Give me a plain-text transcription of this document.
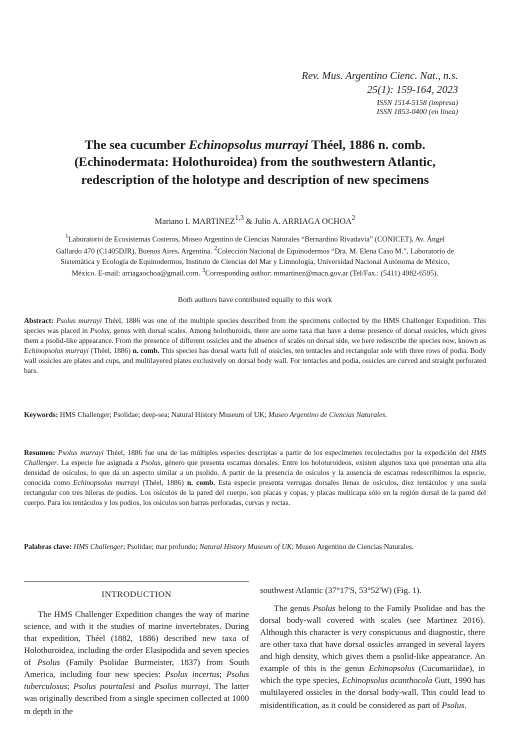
Rev. Mus. Argentino Cienc. Nat., n.s.
25(1): 159-164, 2023
ISSN 1514-5158 (impresa)
ISSN 1853-0400 (en línea)
The sea cucumber Echinopsolus murrayi Théel, 1886 n. comb.
(Echinodermata: Holothuroidea) from the southwestern Atlantic,
redescription of the holotype and description of new specimens
Mariano I. MARTINEZ$^{1,3}$ & Julio A. ARRIAGA OCHOA$^2$
$^1$Laboratorio de Ecosistemas Costeros, Museo Argentino de Ciencias Naturales “Bernardino Rivadavia” (CONICET), Av. Ángel Gallardo 470 (C1405DJR), Buenos Aires, Argentina. $^2$Colección Nacional de Equinodermos “Dra. M. Elena Caso M.”, Laboratorio de Sistemática y Ecología de Equinodermos, Instituto de Ciencias del Mar y Limnología, Universidad Nacional Autónoma de México, México. E-mail: arriagaochoa@gmail.com. $^3$Corresponding author: mmartinez@macn.gov.ar (Tel/Fax.: (5411) 4982-6595).
Both authors have contributed equally to this work
Abstract: Psolus murrayi Théel, 1886 was one of the multiple species described from the specimens collected by the HMS Challenger Expedition. This species was placed in Psolus, genus with dorsal scales. Among holothuroids, there are some taxa that have a dense presence of dorsal ossicles, which gives them a psolid-like appearance. From the presence of different ossicles and the absence of scales on dorsal side, we here redescribe the species now, known as Echinopsolus murrayi (Théel, 1886) n. comb. This species has dorsal warts full of ossicles, ten tentacles and rectangular sole with three rows of podia. Body wall ossicles are plates and cups, and multilayered plates exclusively on dorsal body wall. For tentacles and podia, ossicles are curved and straight perforated bars.
Keywords: HMS Challenger; Psolidae; deep-sea; Natural History Museum of UK; Museo Argentino de Ciencias Naturales.
Resumen: Psolus murrayi Théel, 1886 fue una de las múltiples especies descriptas a partir de los especímenes recolectados por la expedición del HMS Challenger. La especie fue asignada a Psolus, género que presenta escamas dorsales. Entre los holoturoideos, existen algunos taxa que presentan una alta densidad de osículos, lo que da un aspecto similar a un psolido. A partir de la presencia de osículos y la ausencia de escamas redescribimos la especie, conocida como Echinopsolus murrayi (Théel, 1886) n. comb. Esta especie presenta verrugas dorsales llenas de osículos, diez tentáculos y una suela rectangular con tres hileras de podios. Los osículos de la pared del cuerpo, son placas y copas, y placas multicapa sólo en la región dorsal de la pared del cuerpo. Para los tentáculos y los podios, los osículos son barras perforadas, curvas y rectas.
Palabras clave: HMS Challenger; Psolidae; mar profundo; Natural History Museum of UK; Museo Argentino de Ciencias Naturales.
INTRODUCTION
The HMS Challenger Expedition changes the way of marine science, and with it the studies of marine invertebrates. During that expedition, Théel (1882, 1886) described new taxa of Holothuroidea, including the order Elasipodida and seven species of Psolus (Family Psolidae Burmeister, 1837) from South America, including four new species: Psolus incertus; Psolus tuberculosus; Psolus pourtalesi and Psolus murrayi. The latter was originally described from a single specimen collected at 1000 m depth in the
southwest Atlantic (37°17'S, 53°52'W) (Fig. 1).
The genus Psolus belong to the Family Psolidae and has the dorsal body-wall covered with scales (see Martinez 2016). Although this character is very conspicuous and diagnostic, there are other taxa that have dorsal ossicles arranged in several layers and high density, which gives them a psolid-like appearance. An example of this is the genus Echinopsolus (Cucumariidae), in which the type species, Echinopsolus acanthocola Gutt, 1990 has multilayered ossicles in the dorsal body-wall. This could lead to misidentification, as it could be considered as part of Psolus.
